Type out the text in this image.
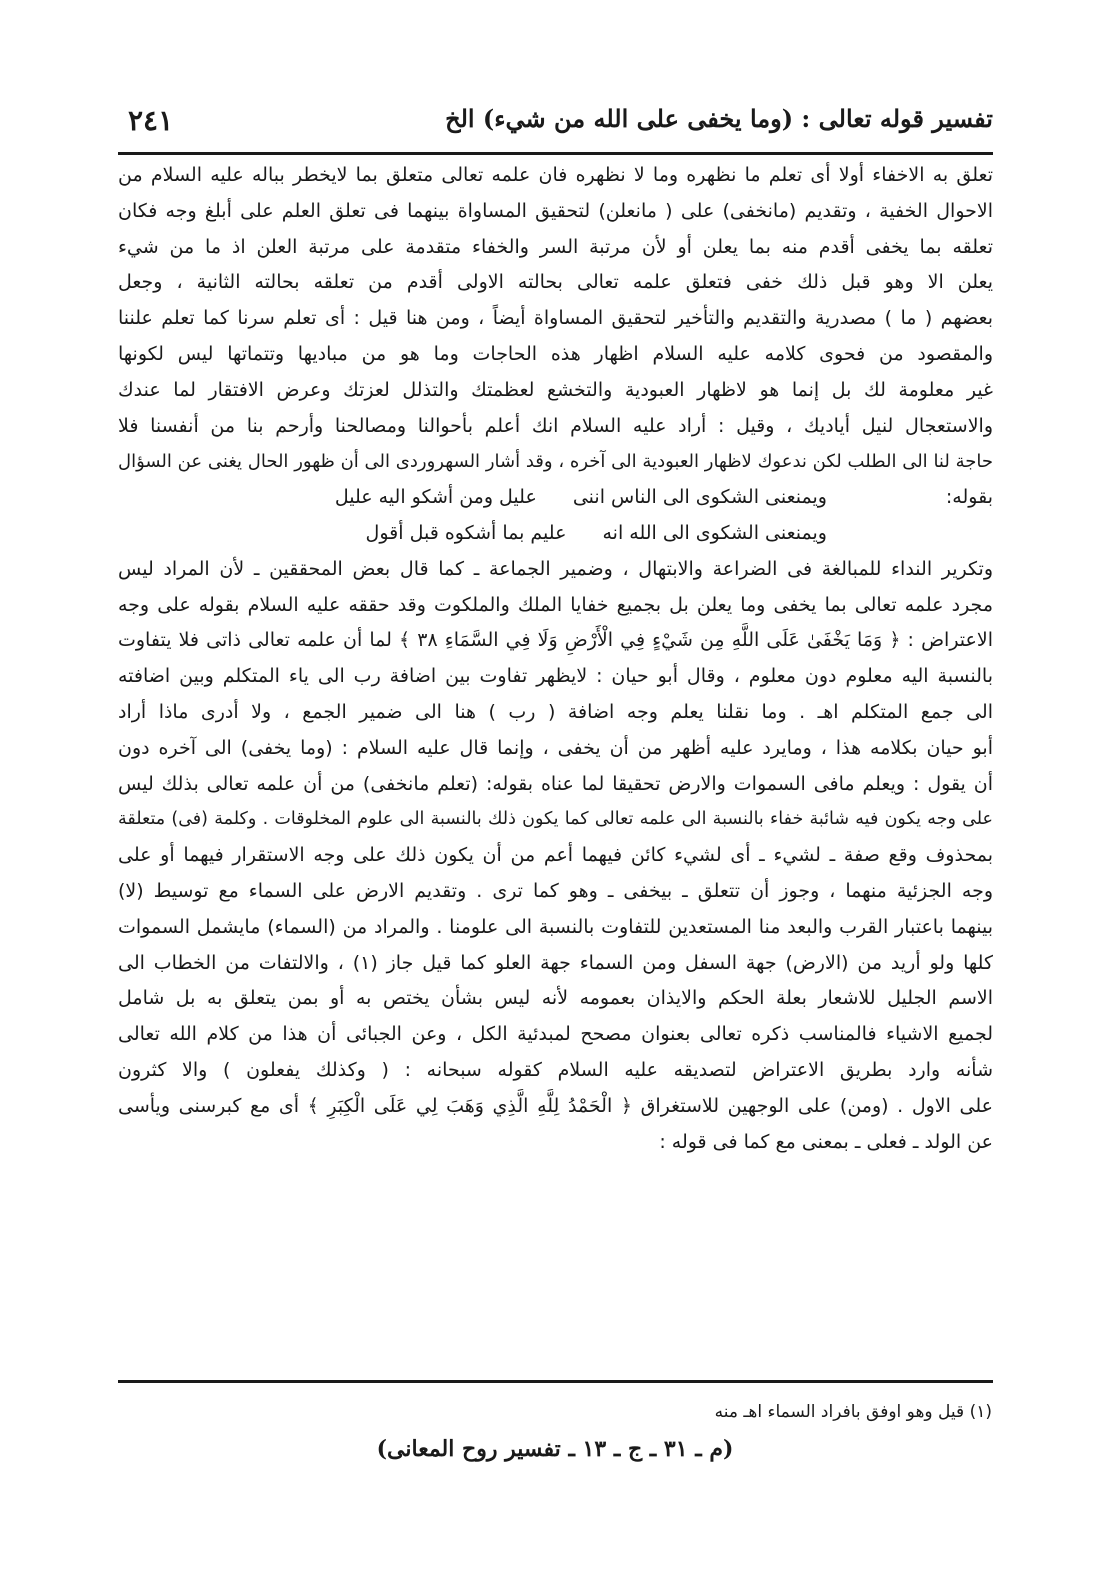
تفسير قوله تعالى : (وما يخفى على الله من شيء) الخ
٢٤١
تعلق به الاخفاء أولا أى تعلم ما نظهره وما لا نظهره فان علمه تعالى متعلق بما لايخطر بباله عليه السلام من
الاحوال الخفية ، وتقديم (مانخفى) على ( مانعلن) لتحقيق المساواة بينهما فى تعلق العلم على أبلغ وجه فكان
تعلقه بما يخفى أقدم منه بما يعلن أو لأن مرتبة السر والخفاء متقدمة على مرتبة العلن اذ ما من شيء
يعلن الا وهو قبل ذلك خفى فتعلق علمه تعالى بحالته الاولى أقدم من تعلقه بحالته الثانية ، وجعل
بعضهم ( ما ) مصدرية والتقديم والتأخير لتحقيق المساواة أيضاً ، ومن هنا قيل : أى تعلم سرنا كما تعلم علننا
والمقصود من فحوى كلامه عليه السلام اظهار هذه الحاجات وما هو من مباديها وتتماتها ليس لكونها
غير معلومة لك بل إنما هو لاظهار العبودية والتخشع لعظمتك والتذلل لعزتك وعرض الافتقار لما عندك
والاستعجال لنيل أياديك ، وقيل : أراد عليه السلام انك أعلم بأحوالنا ومصالحنا وأرحم بنا من أنفسنا فلا
حاجة لنا الى الطلب لكن ندعوك لاظهار العبودية الى آخره ، وقد أشار السهروردى الى أن ظهور الحال يغنى عن السؤال
بقوله: ويمنعنى الشكوى الى الناس اننى عليل ومن أشكو اليه عليل
ويمنعنى الشكوى الى الله انه عليم بما أشكوه قبل أقول
وتكرير النداء للمبالغة فى الضراعة والابتهال ، وضمير الجماعة ـ كما قال بعض المحققين ـ لأن المراد ليس
مجرد علمه تعالى بما يخفى وما يعلن بل بجميع خفايا الملك والملكوت وقد حققه عليه السلام بقوله على وجه
الاعتراض : ﴿ وَمَا يَخْفَىٰ عَلَى اللَّهِ مِن شَيْءٍ فِي الْأَرْضِ وَلَا فِي السَّمَاءِ ٣٨ ﴾ لما أن علمه تعالى ذاتى فلا يتفاوت
بالنسبة اليه معلوم دون معلوم ، وقال أبو حيان : لايظهر تفاوت بين اضافة رب الى ياء المتكلم وبين اضافته
الى جمع المتكلم اهـ . وما نقلنا يعلم وجه اضافة ( رب ) هنا الى ضمير الجمع ، ولا أدرى ماذا أراد
أبو حيان بكلامه هذا ، ومايرد عليه أظهر من أن يخفى ، وإنما قال عليه السلام : (وما يخفى) الى آخره دون
أن يقول : ويعلم مافى السموات والارض تحقيقا لما عناه بقوله: (تعلم مانخفى) من أن علمه تعالى بذلك ليس
على وجه يكون فيه شائبة خفاء بالنسبة الى علمه تعالى كما يكون ذلك بالنسبة الى علوم المخلوقات . وكلمة (فى) متعلقة
بمحذوف وقع صفة ـ لشيء ـ أى لشيء كائن فيهما أعم من أن يكون ذلك على وجه الاستقرار فيهما أو على
وجه الجزئية منهما ، وجوز أن تتعلق ـ بيخفى ـ وهو كما ترى . وتقديم الارض على السماء مع توسيط (لا)
بينهما باعتبار القرب والبعد منا المستعدين للتفاوت بالنسبة الى علومنا . والمراد من (السماء) مايشمل السموات
كلها ولو أريد من (الارض) جهة السفل ومن السماء جهة العلو كما قيل جاز (١) ، والالتفات من الخطاب الى
الاسم الجليل للاشعار بعلة الحكم والايذان بعمومه لأنه ليس بشأن يختص به أو بمن يتعلق به بل شامل
لجميع الاشياء فالمناسب ذكره تعالى بعنوان مصحح لمبدئية الكل ، وعن الجبائى أن هذا من كلام الله تعالى
شأنه وارد بطريق الاعتراض لتصديقه عليه السلام كقوله سبحانه : ( وكذلك يفعلون ) والا كثرون
على الاول . (ومن) على الوجهين للاستغراق ﴿ الْحَمْدُ لِلَّهِ الَّذِي وَهَبَ لِي عَلَى الْكِبَرِ ﴾ أى مع كبرسنى ويأسى
عن الولد ـ فعلى ـ بمعنى مع كما فى قوله :
(١) قيل وهو اوفق بافراد السماء اهـ منه
(م ـ ٣١ ـ ج ـ ١٣ ـ تفسير روح المعانى)
